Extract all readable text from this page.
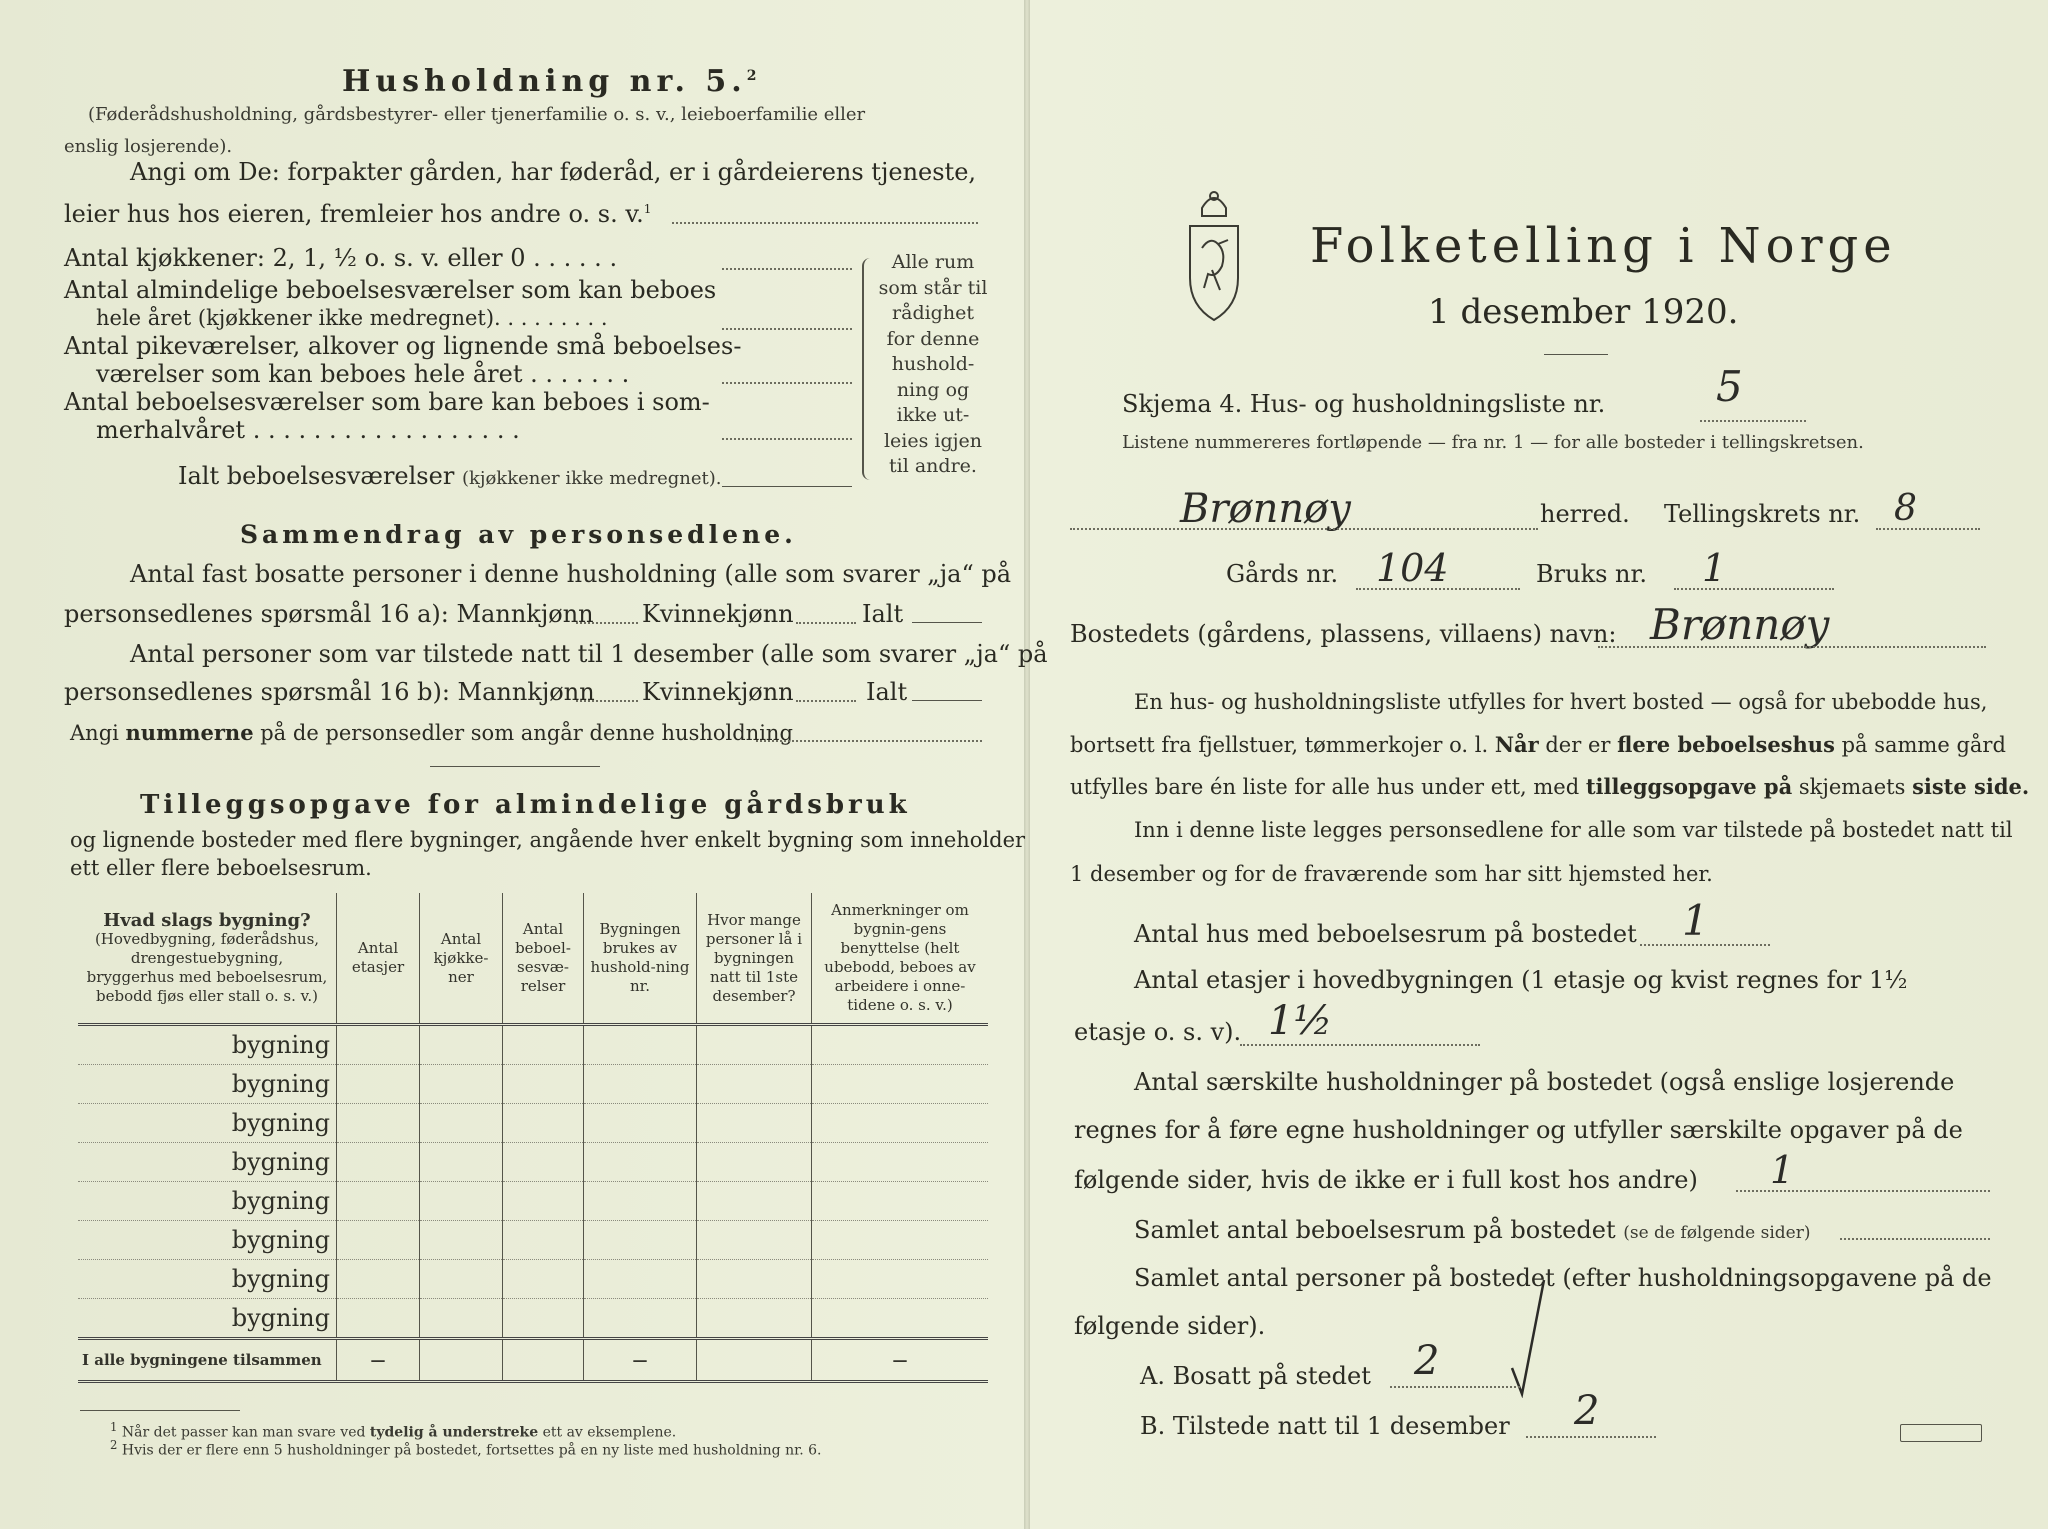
Husholdning nr. 5.$^2$
(Føderådshusholdning, gårdsbestyrer- eller tjenerfamilie o. s. v., leieboerfamilie eller
enslig losjerende).
Angi om De: forpakter gården, har føderåd, er i gårdeierens tjeneste,
leier hus hos eieren, fremleier hos andre o. s. v.$^1$
Antal kjøkkener: 2, 1, ½ o. s. v. eller 0 . . . . . .
Antal almindelige beboelsesværelser som kan beboes
hele året (kjøkkener ikke medregnet). . . . . . . . .
Antal pikeværelser, alkover og lignende små beboelses-
værelser som kan beboes hele året . . . . . . .
Antal beboelsesværelser som bare kan beboes i som-
merhalvåret . . . . . . . . . . . . . . . . . .
Ialt beboelsesværelser (kjøkkener ikke medregnet).
Alle rum
som står til
rådighet
for denne
hushold-
ning og
ikke ut-
leies igjen
til andre.
Sammendrag av personsedlene.
Antal fast bosatte personer i denne husholdning (alle som svarer „ja“ på
personsedlenes spørsmål 16 a): Mannkjønn Kvinnekjønn	Ialt
Antal personer som var tilstede natt til 1 desember (alle som svarer „ja“ på
personsedlenes spørsmål 16 b): Mannkjønn Kvinnekjønn	Ialt
Angi nummerne på de personsedler som angår denne husholdning
Tilleggsopgave for almindelige gårdsbruk
og lignende bosteder med flere bygninger, angående hver enkelt bygning som inneholder
ett eller flere beboelsesrum.
Hvad slags bygning?
(Hovedbygning, føderådshus, drengestuebygning, bryggerhus med beboelsesrum, bebodd fjøs eller stall o. s. v.)	Antal etasjer	Antal kjøkke-ner	Antal beboel-sesvæ-relser	Bygningen brukes av hushold-ning nr.	Hvor mange personer lå i bygningen natt til 1ste desember?	Anmerkninger om bygnin-gens benyttelse (helt ubebodd, beboes av arbeidere i onne-tidene o. s. v.)
bygning						
bygning						
bygning						
bygning						
bygning						
bygning						
bygning						
bygning						
I alle bygningene tilsammen	—			—		—
$^1$ Når det passer kan man svare ved tydelig å understreke ett av eksemplene.
$^2$ Hvis der er flere enn 5 husholdninger på bostedet, fortsettes på en ny liste med husholdning nr. 6.
Folketelling i Norge
1 desember 1920.
Skjema 4. Hus- og husholdningsliste nr.	5
Listene nummereres fortløpende — fra nr. 1 — for alle bosteder i tellingskretsen.
Brønnøy	herred. Tellingskrets nr. 8
Gårds nr. 104	Bruks nr. 1
Bostedets (gårdens, plassens, villaens) navn: Brønnøy
En hus- og husholdningsliste utfylles for hvert bosted — også for ubebodde hus,
bortsett fra fjellstuer, tømmerkojer o. l. Når der er flere beboelseshus på samme gård
utfylles bare én liste for alle hus under ett, med tilleggsopgave på skjemaets siste side.
Inn i denne liste legges personsedlene for alle som var tilstede på bostedet natt til
1 desember og for de fraværende som har sitt hjemsted her.
Antal hus med beboelsesrum på bostedet 1
Antal etasjer i hovedbygningen (1 etasje og kvist regnes for 1½
etasje o. s. v). 1½
Antal særskilte husholdninger på bostedet (også enslige losjerende
regnes for å føre egne husholdninger og utfyller særskilte opgaver på de
følgende sider, hvis de ikke er i full kost hos andre) 1
Samlet antal beboelsesrum på bostedet (se de følgende sider)
Samlet antal personer på bostedet (efter husholdningsopgavene på de
følgende sider).
A. Bosatt på stedet 2
B. Tilstede natt til 1 desember 2
